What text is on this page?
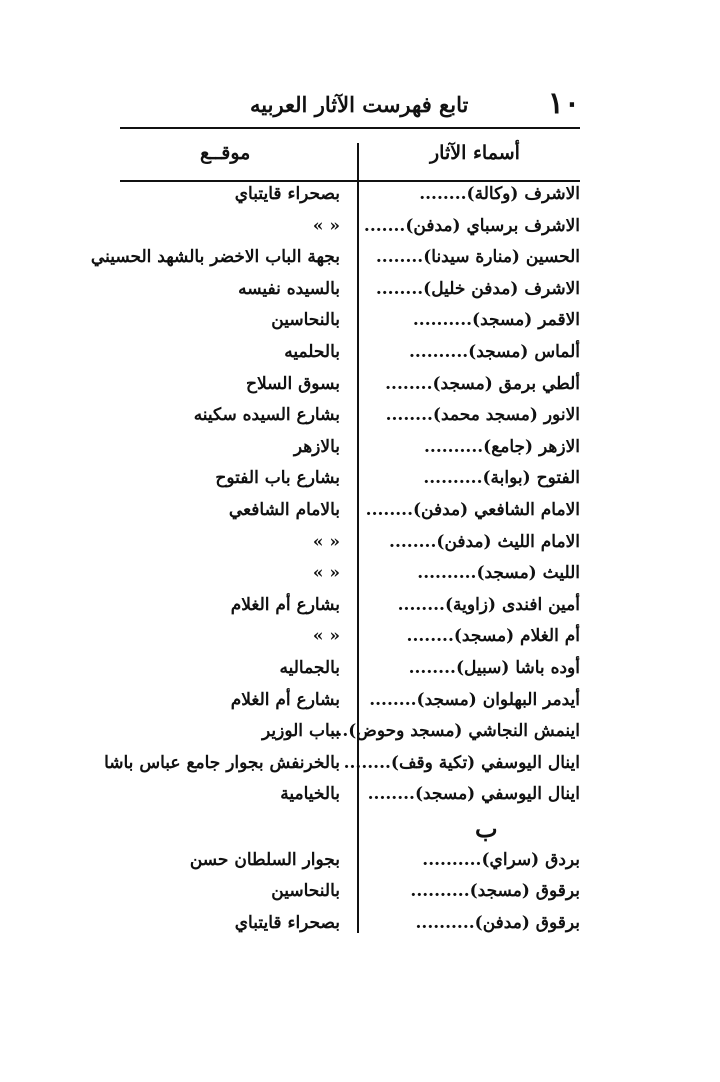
تابع فهرست الآثار العربيه	١٠
أسماء الآثار
موقــع
الاشرف (وكالة)........
بصحراء قايتباي
الاشرف برسباي (مدفن).......
« »
الحسين (منارة سيدنا)........
بجهة الباب الاخضر بالشهد الحسيني
الاشرف (مدفن خليل)........
بالسيده نفيسه
الاقمر (مسجد)..........
بالنحاسين
ألماس (مسجد)..........
بالحلميه
ألطي برمق (مسجد)........
بسوق السلاح
الانور (مسجد محمد)........
بشارع السيده سكينه
الازهر (جامع)..........
بالازهر
الفتوح (بوابة)..........
بشارع باب الفتوح
الامام الشافعي (مدفن)........
بالامام الشافعي
الامام الليث (مدفن)........
« »
الليث (مسجد)..........
« »
أمين افندى (زاوية)........
بشارع أم الغلام
أم الغلام (مسجد)........
« »
أوده باشا (سبيل)........
بالجماليه
أيدمر البهلوان (مسجد)........
بشارع أم الغلام
اينمش النجاشي (مسجد وحوض)...
بباب الوزير
اينال اليوسفي (تكية وقف)........
بالخرنفش بجوار جامع عباس باشا
اينال اليوسفي (مسجد)........
بالخيامية
ب
بردق (سراي)..........
بجوار السلطان حسن
برقوق (مسجد)..........
بالنحاسين
برقوق (مدفن)..........
بصحراء قايتباي
